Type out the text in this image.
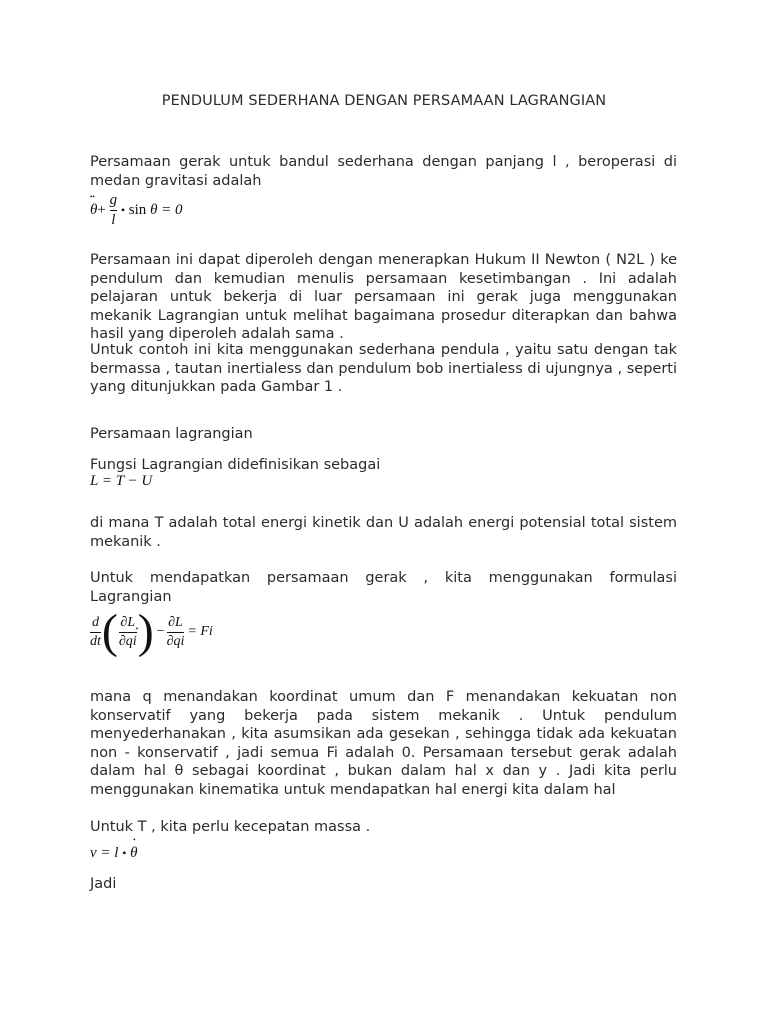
PENDULUM SEDERHANA DENGAN PERSAMAAN LAGRANGIAN
Persamaan gerak untuk bandul sederhana dengan panjang l , beroperasi di medan gravitasi adalah
•• $\theta+ \frac{g}{l}$ • sin θ = 0
Persamaan ini dapat diperoleh dengan menerapkan Hukum II Newton ( N2L ) ke pendulum dan kemudian menulis persamaan kesetimbangan . Ini adalah pelajaran untuk bekerja di luar persamaan ini gerak juga menggunakan mekanik Lagrangian untuk melihat bagaimana prosedur diterapkan dan bahwa hasil yang diperoleh adalah sama .
Untuk contoh ini kita menggunakan sederhana pendula , yaitu satu dengan tak bermassa , tautan inertialess dan pendulum bob inertialess di ujungnya , seperti yang ditunjukkan pada Gambar 1 .
Persamaan lagrangian
Fungsi Lagrangian didefinisikan sebagai
L = T − U
di mana T adalah total energi kinetik dan U adalah energi potensial total sistem mekanik .
Untuk mendapatkan persamaan gerak , kita menggunakan formulasi Lagrangian
$\frac{d}{dt}$ ( $\frac{\partial L}{\partial q• i}$ ) − $\frac{\partial L}{\partial qi} = Fi$
mana q menandakan koordinat umum dan F menandakan kekuatan non konservatif yang bekerja pada sistem mekanik . Untuk pendulum menyederhanakan , kita asumsikan ada gesekan , sehingga tidak ada kekuatan non - konservatif , jadi semua Fi adalah 0. Persamaan tersebut gerak adalah dalam hal θ sebagai koordinat , bukan dalam hal x dan y . Jadi kita perlu menggunakan kinematika untuk mendapatkan hal energi kita dalam hal
Untuk T , kita perlu kecepatan massa .
v = l • • θ
Jadi
